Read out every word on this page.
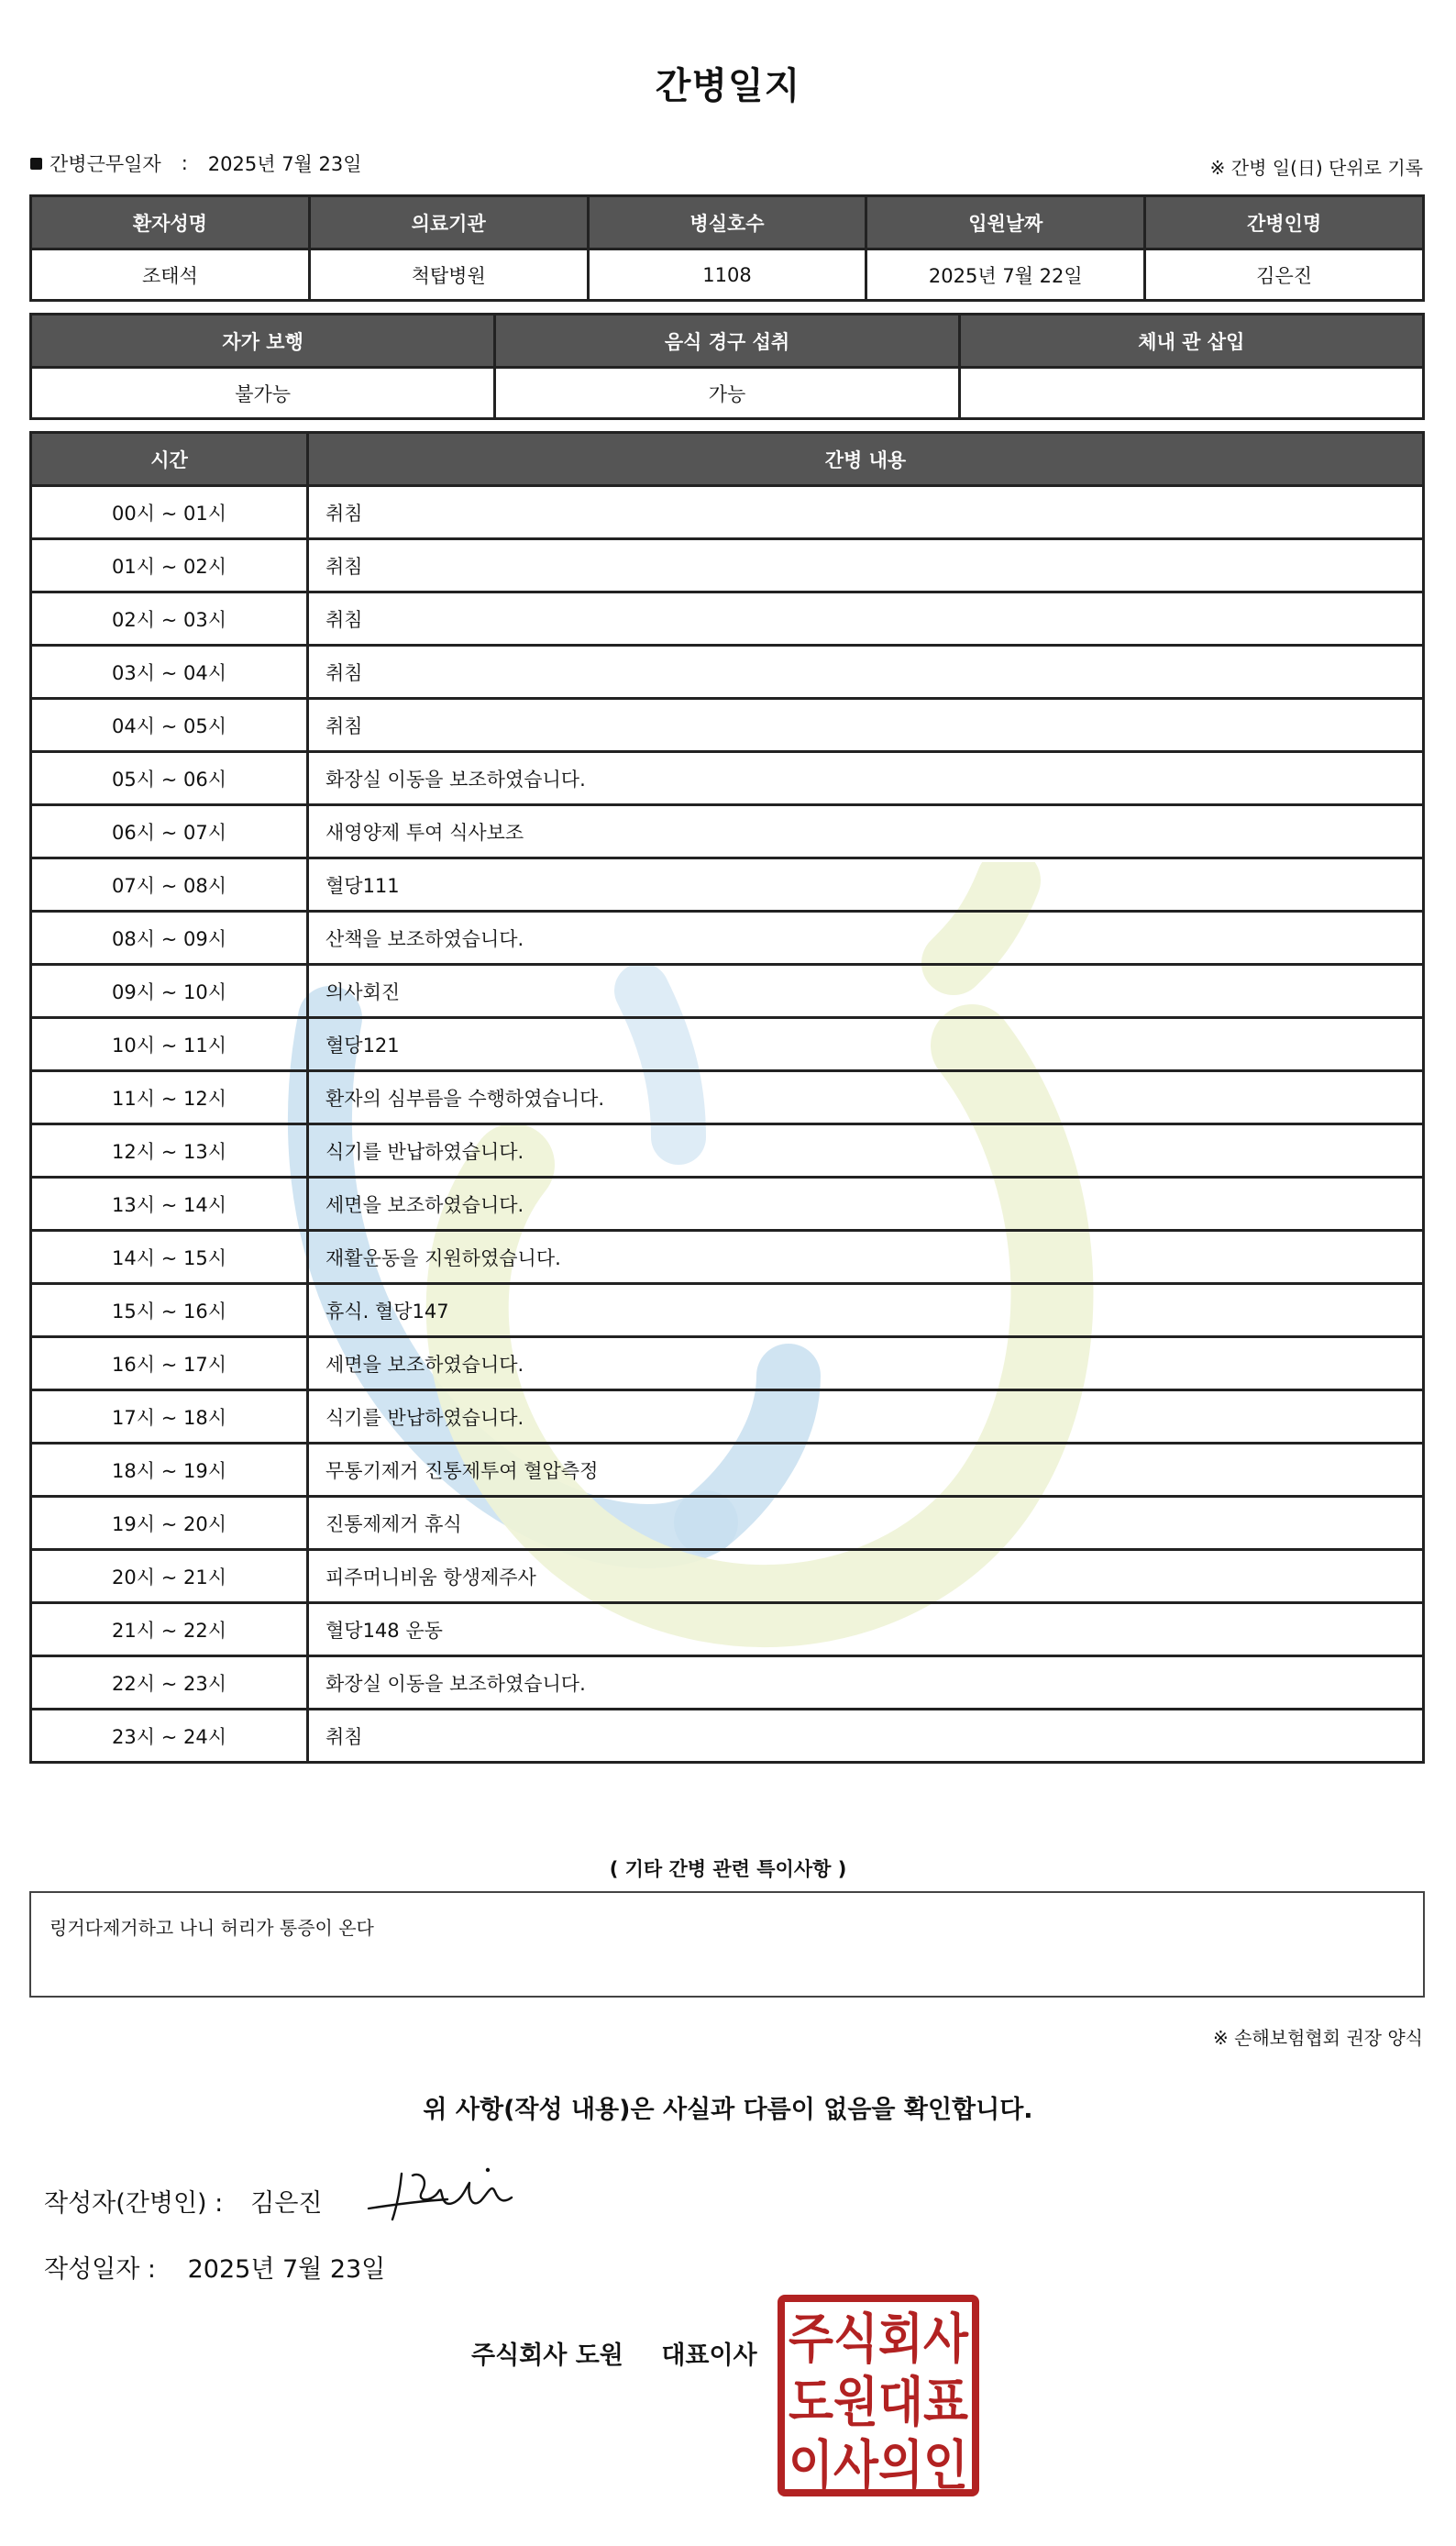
간병일지
간병근무일자 : 2025년 7월 23일	※ 간병 일(日) 단위로 기록
환자성명	의료기관	병실호수	입원날짜	간병인명
조태석	척탑병원	1108	2025년 7월 22일	김은진
자가 보행	음식 경구 섭취	체내 관 삽입
불가능	가능	
시간	간병 내용
00시 ~ 01시	취침
01시 ~ 02시	취침
02시 ~ 03시	취침
03시 ~ 04시	취침
04시 ~ 05시	취침
05시 ~ 06시	화장실 이동을 보조하였습니다.
06시 ~ 07시	새영양제 투여 식사보조
07시 ~ 08시	혈당111
08시 ~ 09시	산책을 보조하였습니다.
09시 ~ 10시	의사회진
10시 ~ 11시	혈당121
11시 ~ 12시	환자의 심부름을 수행하였습니다.
12시 ~ 13시	식기를 반납하였습니다.
13시 ~ 14시	세면을 보조하였습니다.
14시 ~ 15시	재활운동을 지원하였습니다.
15시 ~ 16시	휴식. 혈당147
16시 ~ 17시	세면을 보조하였습니다.
17시 ~ 18시	식기를 반납하였습니다.
18시 ~ 19시	무통기제거 진통제투여 혈압측정
19시 ~ 20시	진통제제거 휴식
20시 ~ 21시	피주머니비움 항생제주사
21시 ~ 22시	혈당148 운동
22시 ~ 23시	화장실 이동을 보조하였습니다.
23시 ~ 24시	취침
( 기타 간병 관련 특이사항 )
링거다제거하고 나니 허리가 통증이 온다
※ 손해보험협회 권장 양식
위 사항(작성 내용)은 사실과 다름이 없음을 확인합니다.
작성자(간병인) : 김은진
작성일자 : 2025년 7월 23일
주식회사 도원 대표이사 주식회사
도원대표
이사의인
